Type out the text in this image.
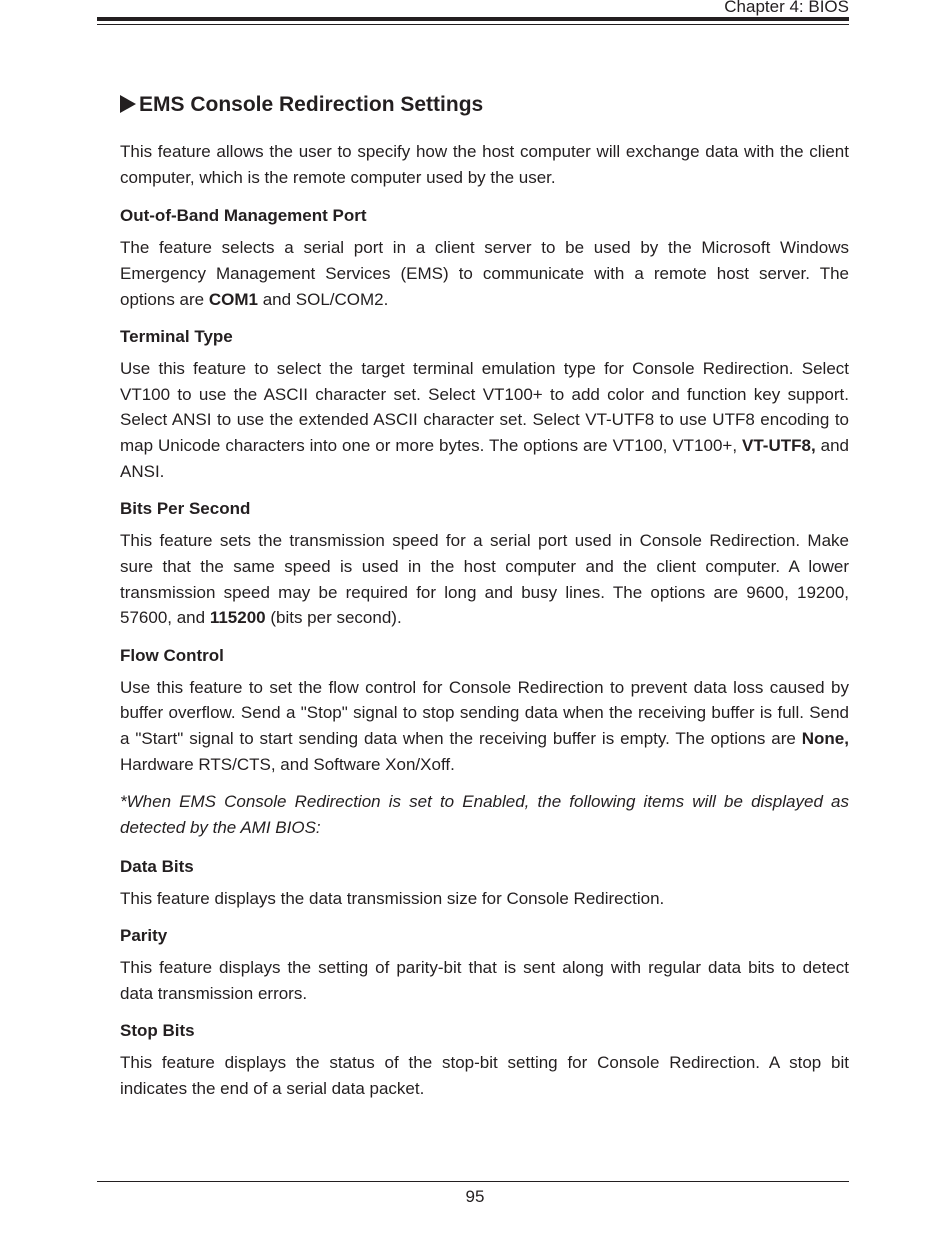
Chapter 4: BIOS
EMS Console Redirection Settings

This feature allows the user to specify how the host computer will exchange data with the client computer, which is the remote computer used by the user.

Out-of-Band Management Port

The feature selects a serial port in a client server to be used by the Microsoft Windows Emergency Management Services (EMS) to communicate with a remote host server. The options are COM1 and SOL/COM2.

Terminal Type

Use this feature to select the target terminal emulation type for Console Redirection. Select VT100 to use the ASCII character set. Select VT100+ to add color and function key support. Select ANSI to use the extended ASCII character set. Select VT-UTF8 to use UTF8 encoding to map Unicode characters into one or more bytes. The options are VT100, VT100+, VT-UTF8, and ANSI.

Bits Per Second

This feature sets the transmission speed for a serial port used in Console Redirection. Make sure that the same speed is used in the host computer and the client computer. A lower transmission speed may be required for long and busy lines. The options are 9600, 19200, 57600, and 115200 (bits per second).

Flow Control

Use this feature to set the flow control for Console Redirection to prevent data loss caused by buffer overflow. Send a "Stop" signal to stop sending data when the receiving buffer is full. Send a "Start" signal to start sending data when the receiving buffer is empty. The options are None, Hardware RTS/CTS, and Software Xon/Xoff.

*When EMS Console Redirection is set to Enabled, the following items will be displayed as detected by the AMI BIOS:

Data Bits

This feature displays the data transmission size for Console Redirection.

Parity

This feature displays the setting of parity-bit that is sent along with regular data bits to detect data transmission errors.

Stop Bits

This feature displays the status of the stop-bit setting for Console Redirection. A stop bit indicates the end of a serial data packet.

95
